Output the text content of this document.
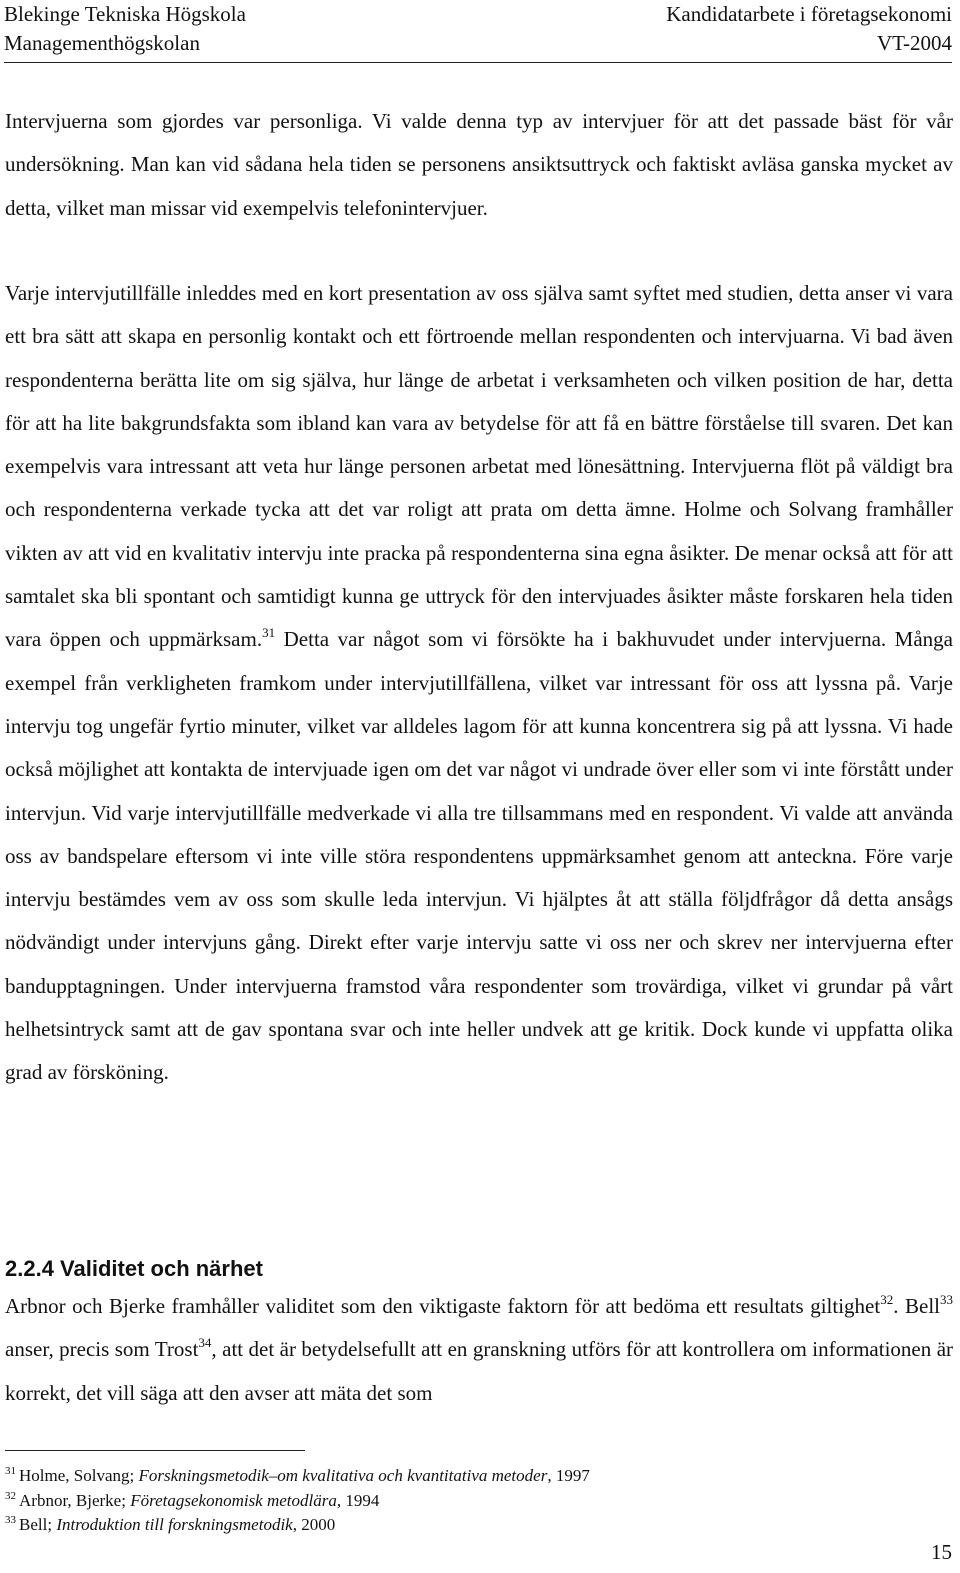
Blekinge Tekniska Högskola	Kandidatarbete i företagsekonomi
Managementhögskolan	VT-2004

Intervjuerna som gjordes var personliga. Vi valde denna typ av intervjuer för att det passade bäst för vår undersökning. Man kan vid sådana hela tiden se personens ansiktsuttryck och faktiskt avläsa ganska mycket av detta, vilket man missar vid exempelvis telefonintervjuer.

Varje intervjutillfälle inleddes med en kort presentation av oss själva samt syftet med studien, detta anser vi vara ett bra sätt att skapa en personlig kontakt och ett förtroende mellan respondenten och intervjuarna. Vi bad även respondenterna berätta lite om sig själva, hur länge de arbetat i verksamheten och vilken position de har, detta för att ha lite bakgrundsfakta som ibland kan vara av betydelse för att få en bättre förståelse till svaren. Det kan exempelvis vara intressant att veta hur länge personen arbetat med lönesättning. Intervjuerna flöt på väldigt bra och respondenterna verkade tycka att det var roligt att prata om detta ämne. Holme och Solvang framhåller vikten av att vid en kvalitativ intervju inte pracka på respondenterna sina egna åsikter. De menar också att för att samtalet ska bli spontant och samtidigt kunna ge uttryck för den intervjuades åsikter måste forskaren hela tiden vara öppen och uppmärksam.$^{31}$ Detta var något som vi försökte ha i bakhuvudet under intervjuerna. Många exempel från verkligheten framkom under intervjutillfällena, vilket var intressant för oss att lyssna på. Varje intervju tog ungefär fyrtio minuter, vilket var alldeles lagom för att kunna koncentrera sig på att lyssna. Vi hade också möjlighet att kontakta de intervjuade igen om det var något vi undrade över eller som vi inte förstått under intervjun. Vid varje intervjutillfälle medverkade vi alla tre tillsammans med en respondent. Vi valde att använda oss av bandspelare eftersom vi inte ville störa respondentens uppmärksamhet genom att anteckna. Före varje intervju bestämdes vem av oss som skulle leda intervjun. Vi hjälptes åt att ställa följdfrågor då detta ansågs nödvändigt under intervjuns gång. Direkt efter varje intervju satte vi oss ner och skrev ner intervjuerna efter bandupptagningen. Under intervjuerna framstod våra respondenter som trovärdiga, vilket vi grundar på vårt helhetsintryck samt att de gav spontana svar och inte heller undvek att ge kritik. Dock kunde vi uppfatta olika grad av försköning.

2.2.4 Validitet och närhet

Arbnor och Bjerke framhåller validitet som den viktigaste faktorn för att bedöma ett resultats giltighet$^{32}$. Bell$^{33}$ anser, precis som Trost$^{34}$, att det är betydelsefullt att en granskning utförs för att kontrollera om informationen är korrekt, det vill säga att den avser att mäta det som

$^{31}$ Holme, Solvang; Forskningsmetodik–om kvalitativa och kvantitativa metoder, 1997
$^{32}$ Arbnor, Bjerke; Företagsekonomisk metodlära, 1994
$^{33}$ Bell; Introduktion till forskningsmetodik, 2000
15
